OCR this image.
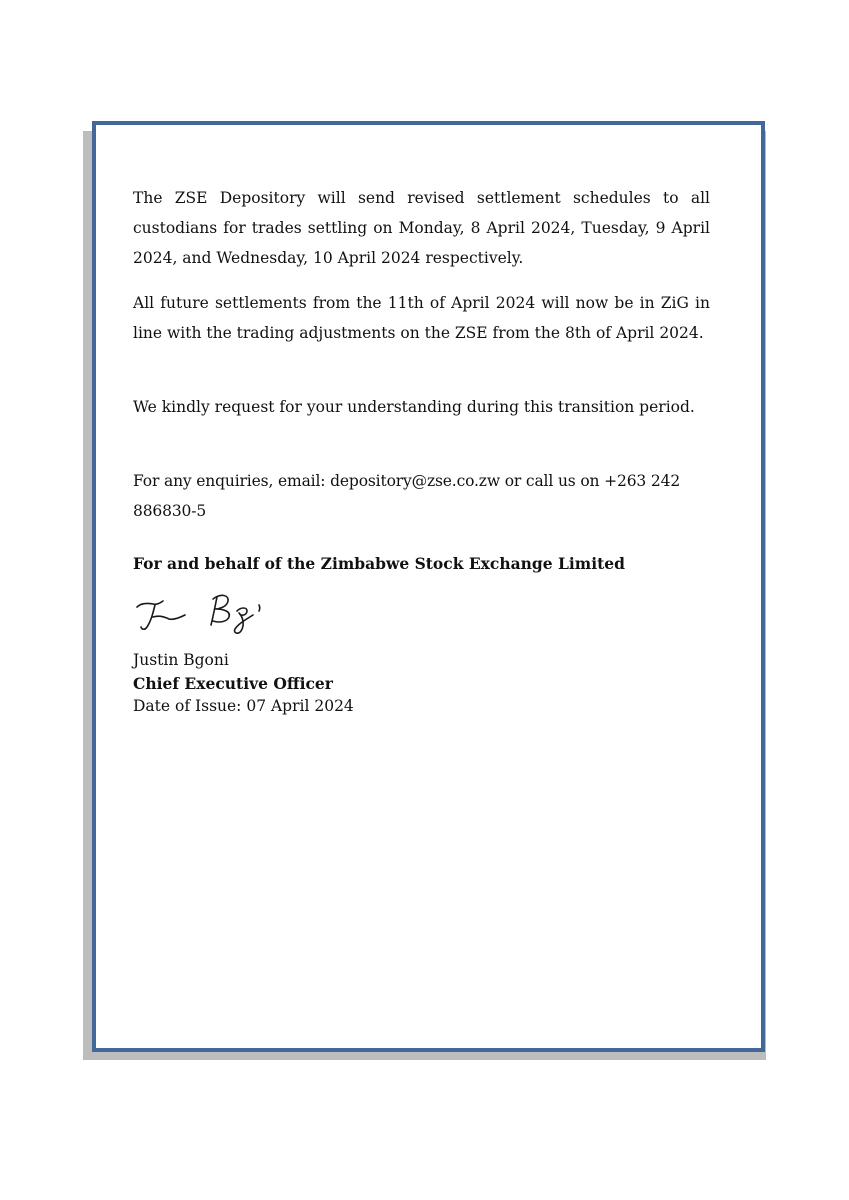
The ZSE Depository will send revised settlement schedules to all custodians for trades settling on Monday, 8 April 2024, Tuesday, 9 April 2024, and Wednesday, 10 April 2024 respectively.

All future settlements from the 11th of April 2024 will now be in ZiG in line with the trading adjustments on the ZSE from the 8th of April 2024.

We kindly request for your understanding during this transition period.

For any enquiries, email: depository@zse.co.zw or call us on +263 242 886830-5

For and behalf of the Zimbabwe Stock Exchange Limited

Justin Bgoni
Chief Executive Officer
Date of Issue: 07 April 2024
